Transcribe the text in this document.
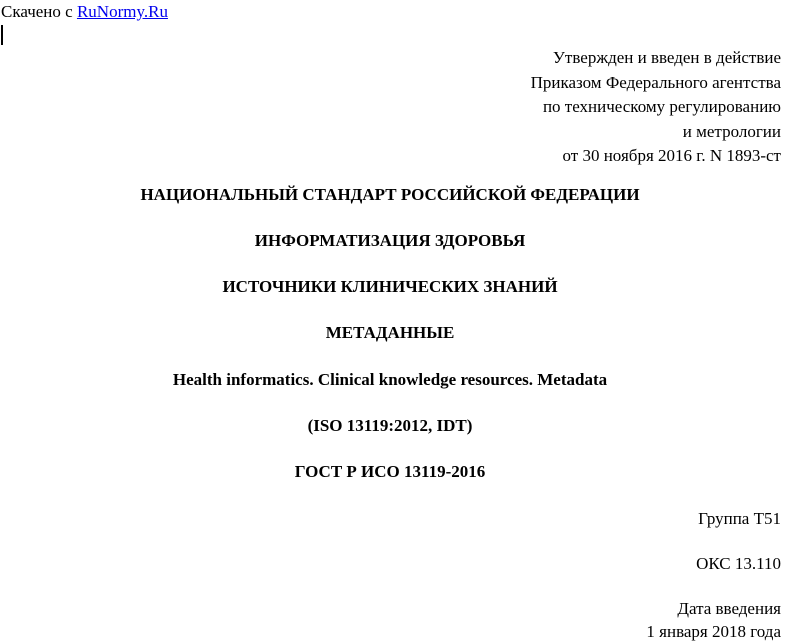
Скачено с RuNormy.Ru
Утвержден и введен в действие
Приказом Федерального агентства
по техническому регулированию
и метрологии
от 30 ноября 2016 г. N 1893-ст
НАЦИОНАЛЬНЫЙ СТАНДАРТ РОССИЙСКОЙ ФЕДЕРАЦИИ
ИНФОРМАТИЗАЦИЯ ЗДОРОВЬЯ
ИСТОЧНИКИ КЛИНИЧЕСКИХ ЗНАНИЙ
МЕТАДАННЫЕ
Health informatics. Clinical knowledge resources. Metadata
(ISO 13119:2012, IDT)
ГОСТ Р ИСО 13119-2016
Группа Т51
ОКС 13.110
Дата введения
1 января 2018 года
